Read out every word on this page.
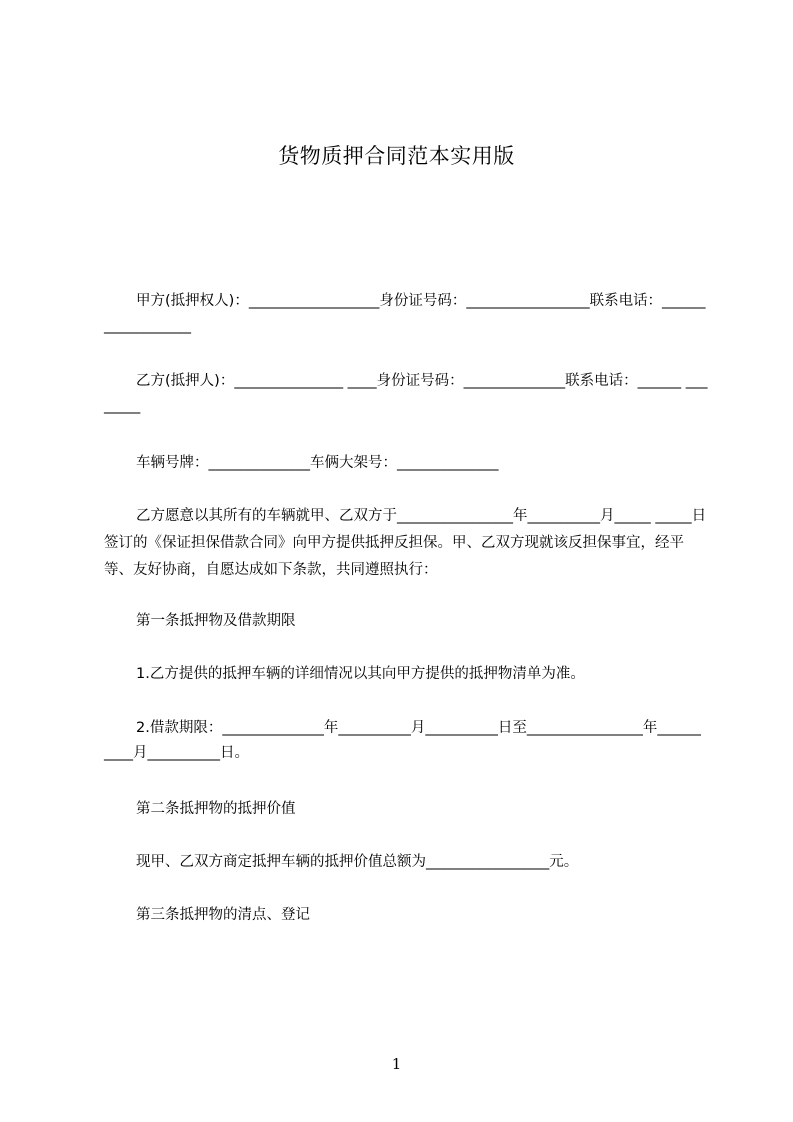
货物质押合同范本实用版
甲方(抵押权人)：__________________身份证号码：_________________联系电话：__________________
乙方(抵押人)：_______________ ____身份证号码：______________联系电话：______ ________
车辆号牌：______________车俩大架号：______________
乙方愿意以其所有的车辆就甲、乙双方于________________年__________月_____ _____日签订的《保证担保借款合同》向甲方提供抵押反担保。甲、乙双方现就该反担保事宜，经平等、友好协商，自愿达成如下条款，共同遵照执行：
第一条抵押物及借款期限
1.乙方提供的抵押车辆的详细情况以其向甲方提供的抵押物清单为准。
2.借款期限：______________年__________月__________日至________________年__________月__________日。
第二条抵押物的抵押价值
现甲、乙双方商定抵押车辆的抵押价值总额为_________________元。
第三条抵押物的清点、登记
1
